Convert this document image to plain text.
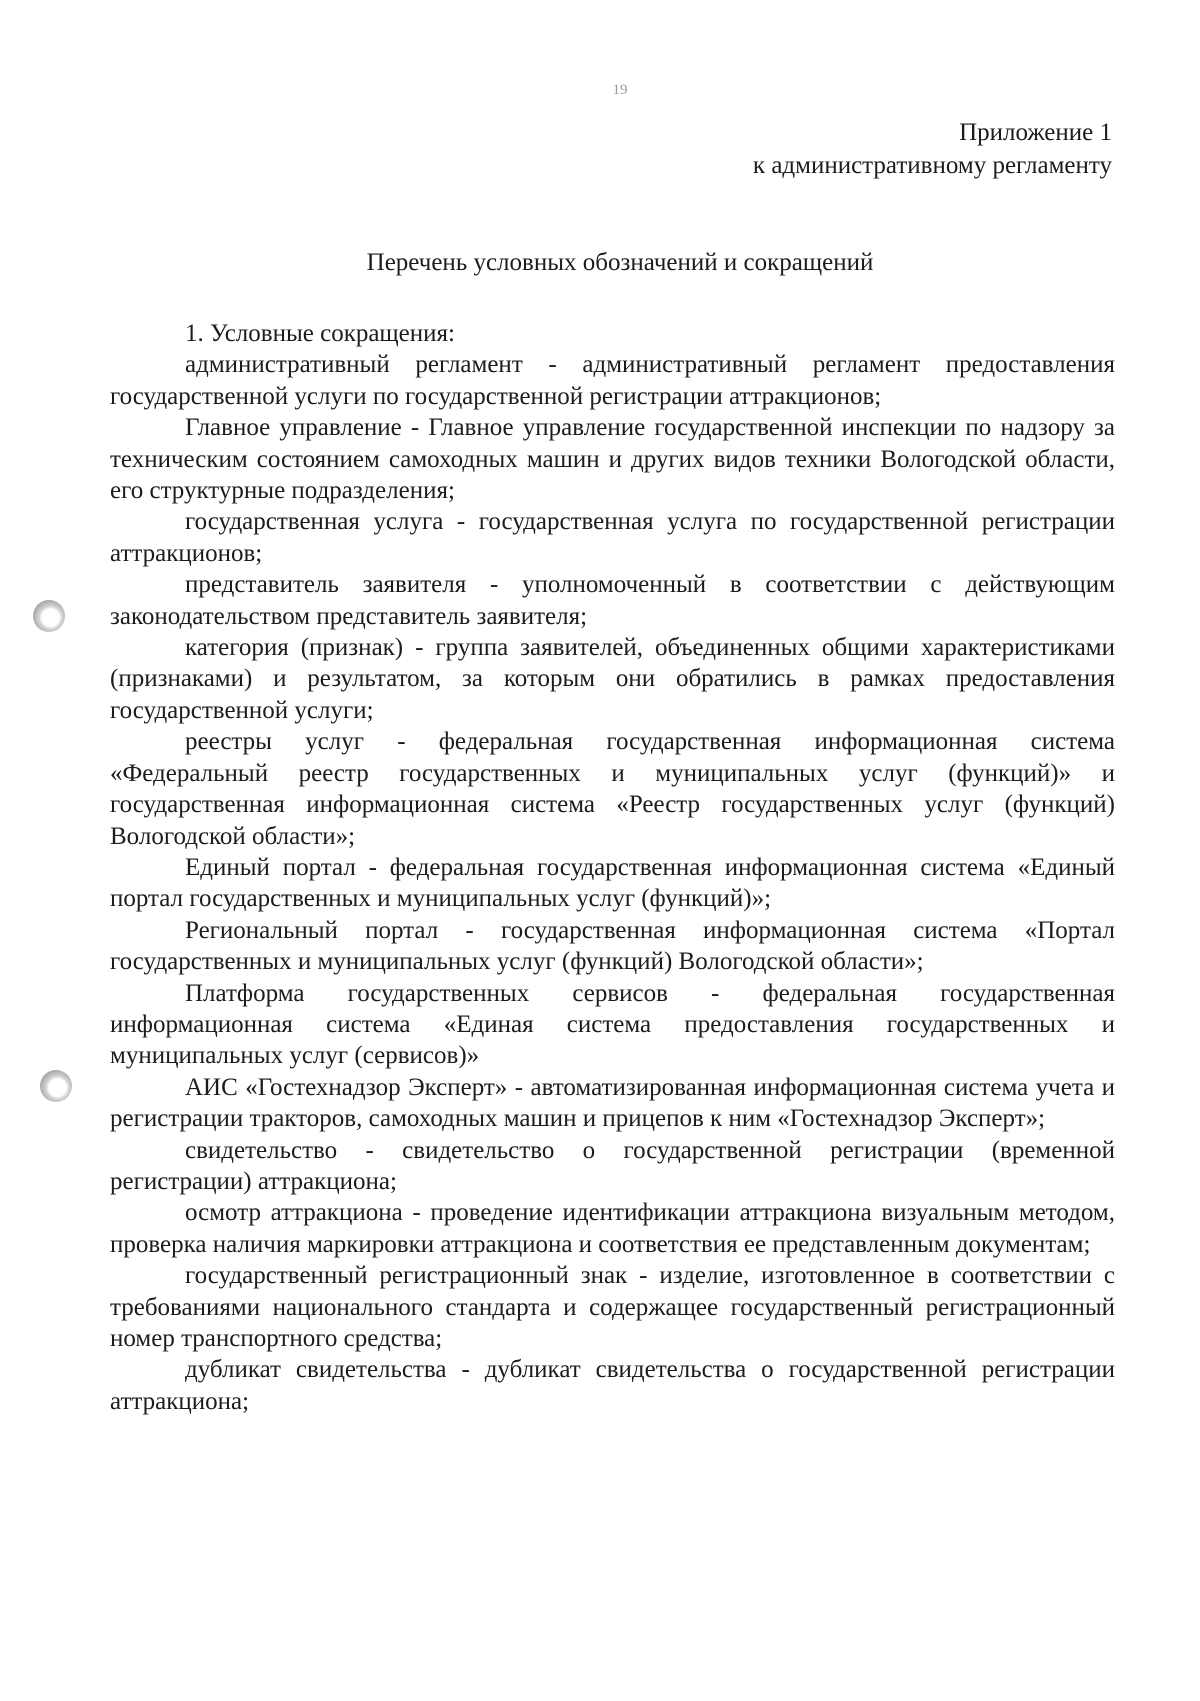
19
Приложение 1
к административному регламенту
Перечень условных обозначений и сокращений
1. Условные сокращения:

административный регламент - административный регламент предоставления государственной услуги по государственной регистрации аттракционов;

Главное управление - Главное управление государственной инспекции по надзору за техническим состоянием самоходных машин и других видов техники Вологодской области, его структурные подразделения;

государственная услуга - государственная услуга по государственной регистрации аттракционов;

представитель заявителя - уполномоченный в соответствии с действующим законодательством представитель заявителя;

категория (признак) - группа заявителей, объединенных общими характеристиками (признаками) и результатом, за которым они обратились в рамках предоставления государственной услуги;

реестры услуг - федеральная государственная информационная система «Федеральный реестр государственных и муниципальных услуг (функций)» и государственная информационная система «Реестр государственных услуг (функций) Вологодской области»;

Единый портал - федеральная государственная информационная система «Единый портал государственных и муниципальных услуг (функций)»;

Региональный портал - государственная информационная система «Портал государственных и муниципальных услуг (функций) Вологодской области»;

Платформа государственных сервисов - федеральная государственная информационная система «Единая система предоставления государственных и муниципальных услуг (сервисов)»

АИС «Гостехнадзор Эксперт» - автоматизированная информационная система учета и регистрации тракторов, самоходных машин и прицепов к ним «Гостехнадзор Эксперт»;

свидетельство - свидетельство о государственной регистрации (временной регистрации) аттракциона;

осмотр аттракциона - проведение идентификации аттракциона визуальным методом, проверка наличия маркировки аттракциона и соответствия ее представленным документам;

государственный регистрационный знак - изделие, изготовленное в соответствии с требованиями национального стандарта и содержащее государственный регистрационный номер транспортного средства;

дубликат свидетельства - дубликат свидетельства о государственной регистрации аттракциона;
